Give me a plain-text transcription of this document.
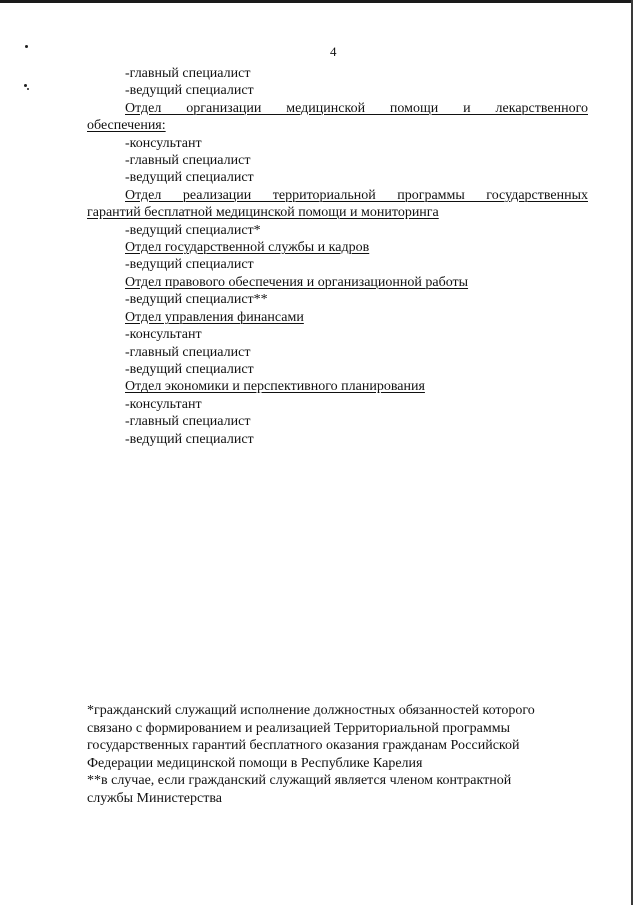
4
-главный специалист
-ведущий специалист
Отдел организации медицинской помощи и лекарственного
обеспечения:
-консультант
-главный специалист
-ведущий специалист
Отдел реализации территориальной программы государственных
гарантий бесплатной медицинской помощи и мониторинга
-ведущий специалист*
Отдел государственной службы и кадров
-ведущий специалист
Отдел правового обеспечения и организационной работы
-ведущий специалист**
Отдел управления финансами
-консультант
-главный специалист
-ведущий специалист
Отдел экономики и перспективного планирования
-консультант
-главный специалист
-ведущий специалист
*гражданский служащий исполнение должностных обязанностей которого
связано с формированием и реализацией Территориальной программы
государственных гарантий бесплатного оказания гражданам Российской
Федерации медицинской помощи в Республике Карелия
**в случае, если гражданский служащий является членом контрактной
службы Министерства
